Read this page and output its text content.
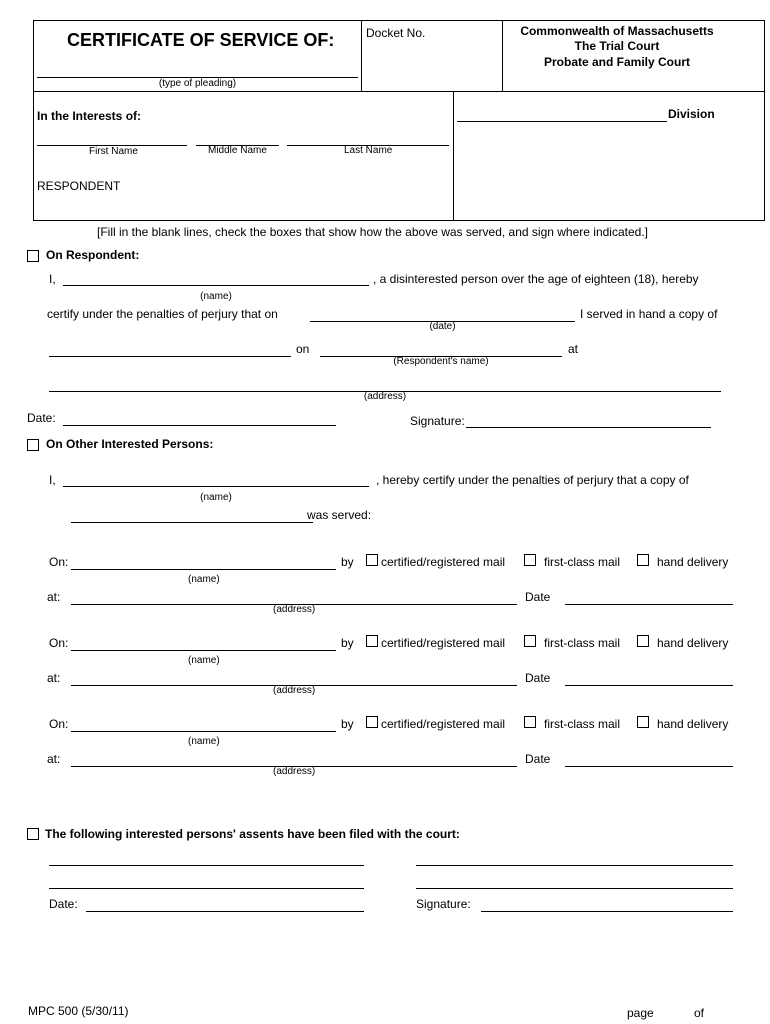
CERTIFICATE OF SERVICE OF:
(type of pleading)
Docket No.	Commonwealth of Massachusetts
The Trial Court
Probate and Family Court
In the Interests of:
First Name	Middle Name	Last Name
RESPONDENT
Division
[Fill in the blank lines, check the boxes that show how the above was served, and sign where indicated.]
On Respondent:
I,	, a disinterested person over the age of eighteen (18), hereby
(name)
certify under the penalties of perjury that on	I served in hand a copy of
(date)
on	at
(Respondent's name)
(address)
Date:	Signature:
On Other Interested Persons:
I,	, hereby certify under the penalties of perjury that a copy of
(name)
was served:
On:	by certified/registered mail	first-class mail	hand delivery
(name)
at:	Date
(address)
On:	by certified/registered mail	first-class mail	hand delivery
(name)
at:	Date
(address)
On:	by certified/registered mail	first-class mail	hand delivery
(name)
at:	Date
(address)
The following interested persons' assents have been filed with the court:
Date:	Signature:
MPC 500 (5/30/11)	page	of
